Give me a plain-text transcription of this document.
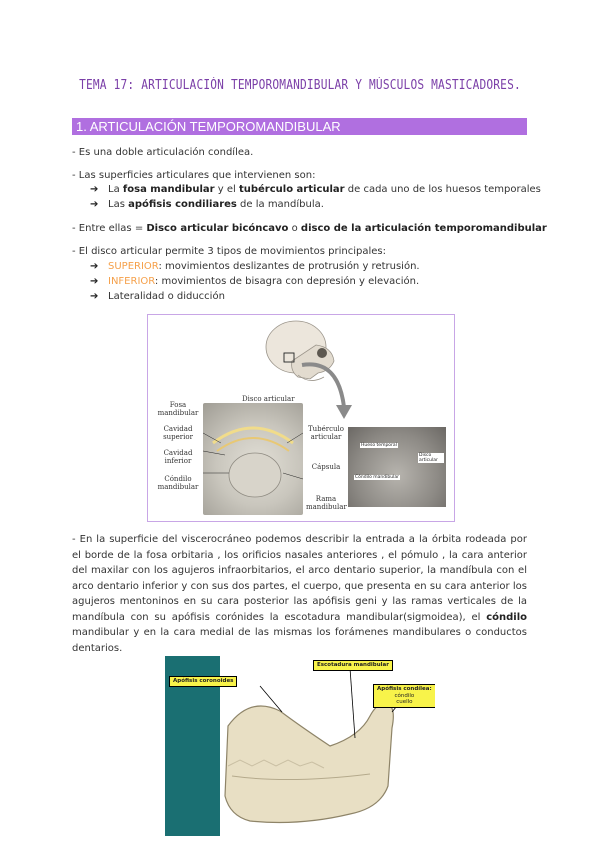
TEMA 17: ARTICULACIÓN TEMPOROMANDIBULAR Y MÚSCULOS MASTICADORES.
1. ARTICULACIÓN TEMPOROMANDIBULAR
- Es una doble articulación condílea.
- Las superficies articulares que intervienen son:
➔ La fosa mandibular y el tubérculo articular de cada uno de los huesos temporales
➔ Las apófisis condiliares de la mandíbula.
- Entre ellas = Disco articular bicóncavo o disco de la articulación temporomandibular
- El disco articular permite 3 tipos de movimientos principales:
➔ SUPERIOR: movimientos deslizantes de protrusión y retrusión.
➔ INFERIOR: movimientos de bisagra con depresión y elevación.
➔ Lateralidad o diducción
Disco articular
Fosa mandibular
Cavidad superior
Cavidad inferior
Cóndilo mandibular
Tubérculo articular
Cápsula
Rama mandibular
Hueso temporal
Disco articular
Cóndilo mandibular
- En la superficie del viscerocráneo podemos describir la entrada a la órbita rodeada por el borde de la fosa orbitaria , los orificios nasales anteriores , el pómulo , la cara anterior del maxilar con los agujeros infraorbitarios, el arco dentario superior, la mandíbula con el arco dentario inferior y con sus dos partes, el cuerpo, que presenta en su cara anterior los agujeros mentoninos en su cara posterior las apófisis geni y las ramas verticales de la mandíbula con su apófisis corónides la escotadura mandibular(sigmoidea), el cóndilo mandibular y en la cara medial de las mismas los forámenes mandibulares o conductos dentarios.
Escotadura mandibular
Apófisis coronoides
Apófisis condílea:
cóndilo
cuello
